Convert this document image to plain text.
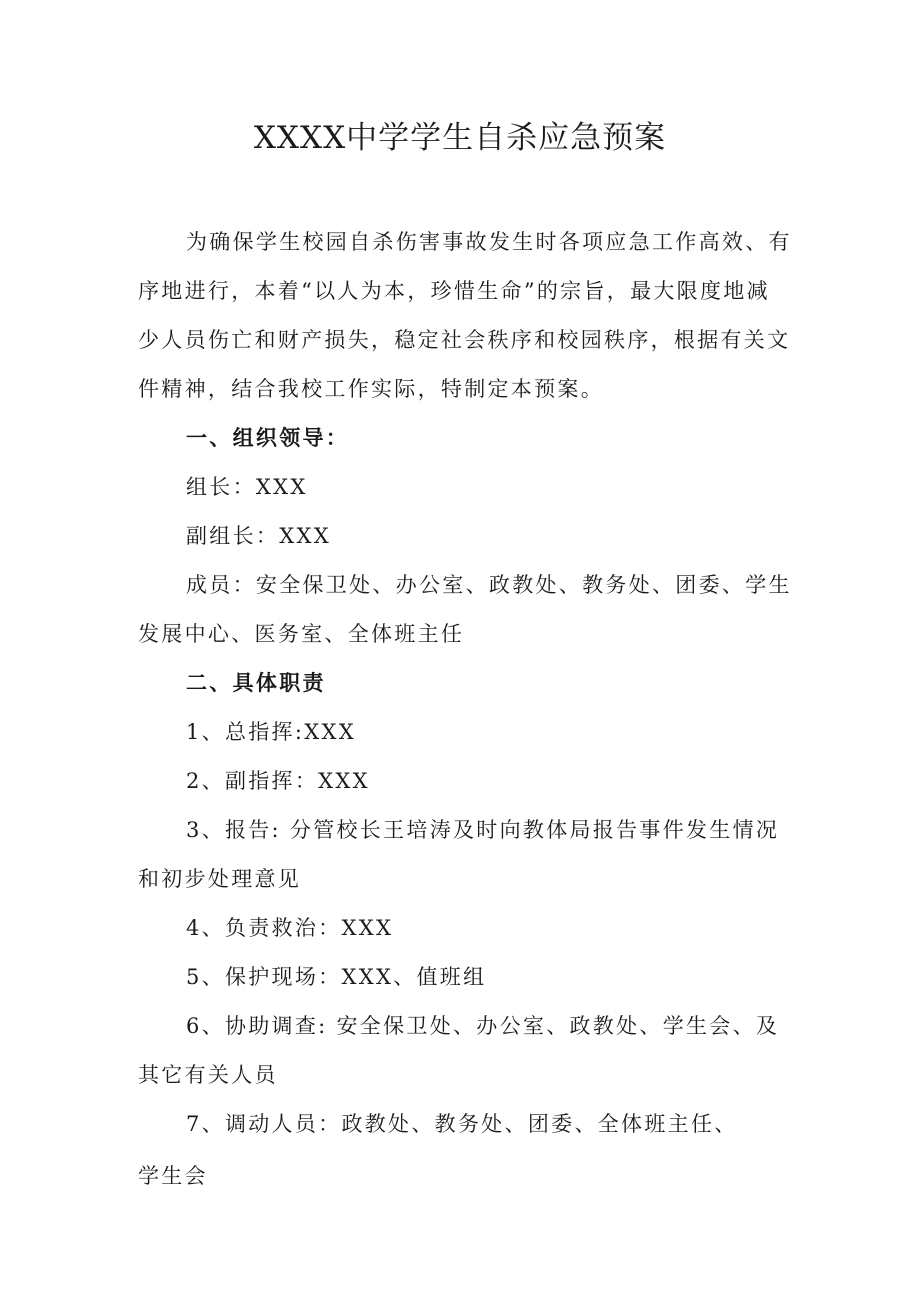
XXXX中学学生自杀应急预案

为确保学生校园自杀伤害事故发生时各项应急工作高效、有序地进行，本着“以人为本，珍惜生命”的宗旨，最大限度地减少人员伤亡和财产损失，稳定社会秩序和校园秩序，根据有关文件精神，结合我校工作实际，特制定本预案。

一、组织领导：

组长：XXX

副组长：XXX

成员：安全保卫处、办公室、政教处、教务处、团委、学生发展中心、医务室、全体班主任

二、具体职责

1、总指挥:XXX

2、副指挥：XXX

3、报告: 分管校长王培涛及时向教体局报告事件发生情况和初步处理意见

4、负责救治：XXX

5、保护现场：XXX、值班组

6、协助调查: 安全保卫处、办公室、政教处、学生会、及其它有关人员

7、调动人员：政教处、教务处、团委、全体班主任、

学生会
